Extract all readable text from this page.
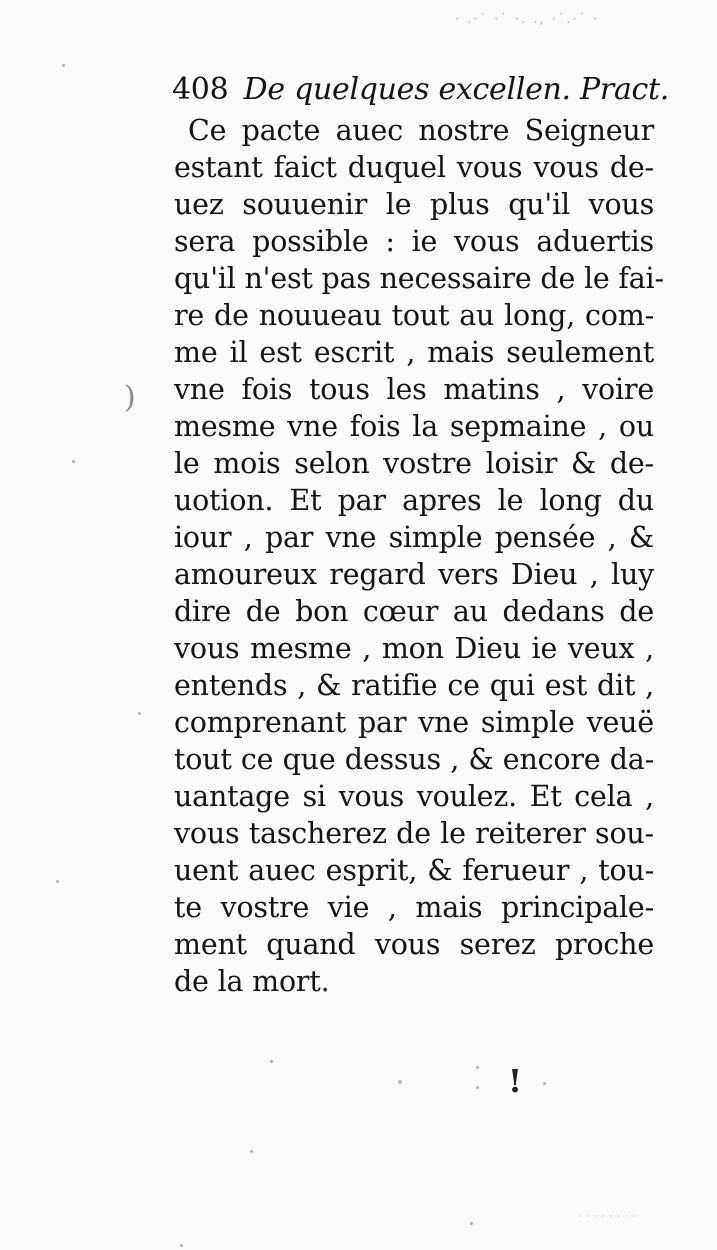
· .·˙ ·˙ ·. ., ·˙.·˙ ·
408 De quelques excellen. Pract.
Ce pacte auec nostre Seigneur
estant faict duquel vous vous de-
uez souuenir le plus qu'il vous
sera possible : ie vous aduertis
qu'il n'est pas necessaire de le fai-
re de nouueau tout au long, com-
me il est escrit , mais seulement
vne fois tous les matins , voire
mesme vne fois la sepmaine , ou
le mois selon vostre loisir & de-
uotion. Et par apres le long du
iour , par vne simple pensée , &
amoureux regard vers Dieu , luy
dire de bon cœur au dedans de
vous mesme , mon Dieu ie veux ,
entends , & ratifie ce qui est dit ,
comprenant par vne simple veuë
tout ce que dessus , & encore da-
uantage si vous voulez. Et cela ,
vous tascherez de le reiterer sou-
uent auec esprit, & ferueur , tou-
te vostre vie , mais principale-
ment quand vous serez proche
de la mort.
)
!
· · · · · · · ·
